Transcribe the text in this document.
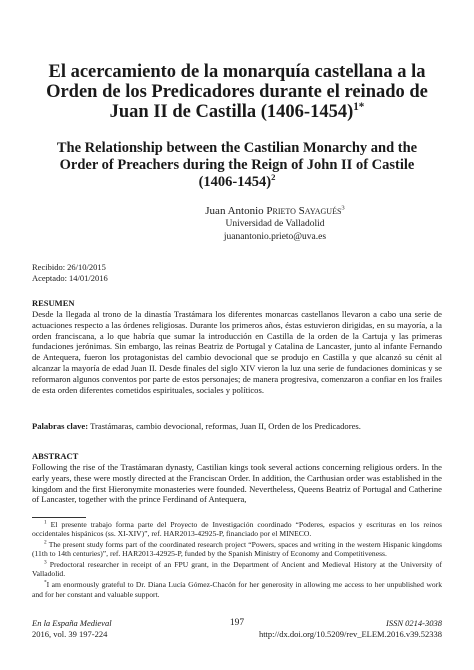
El acercamiento de la monarquía castellana a la Orden de los Predicadores durante el reinado de Juan II de Castilla (1406-1454)$^{1*}$
The Relationship between the Castilian Monarchy and the Order of Preachers during the Reign of John II of Castile (1406-1454)$^2$
Juan Antonio Prieto Sayagués$^3$
Universidad de Valladolid
juanantonio.prieto@uva.es
Recibido: 26/10/2015
Aceptado: 14/01/2016
RESUMEN
Desde la llegada al trono de la dinastía Trastámara los diferentes monarcas castellanos llevaron a cabo una serie de actuaciones respecto a las órdenes religiosas. Durante los primeros años, éstas estuvieron dirigidas, en su mayoría, a la orden franciscana, a lo que habría que sumar la introducción en Castilla de la orden de la Cartuja y las primeras fundaciones jerónimas. Sin embargo, las reinas Beatriz de Portugal y Catalina de Lancaster, junto al infante Fernando de Antequera, fueron los protagonistas del cambio devocional que se produjo en Castilla y que alcanzó su cénit al alcanzar la mayoría de edad Juan II. Desde finales del siglo XIV vieron la luz una serie de fundaciones dominicas y se reformaron algunos conventos por parte de estos personajes; de manera progresiva, comenzaron a confiar en los frailes de esta orden diferentes cometidos espirituales, sociales y políticos.
Palabras clave: Trastámaras, cambio devocional, reformas, Juan II, Orden de los Predicadores.
ABSTRACT
Following the rise of the Trastámaran dynasty, Castilian kings took several actions concerning religious orders. In the early years, these were mostly directed at the Franciscan Order. In addition, the Carthusian order was established in the kingdom and the first Hieronymite monasteries were founded. Nevertheless, Queens Beatriz of Portugal and Catherine of Lancaster, together with the prince Ferdinand of Antequera,
$^1$ El presente trabajo forma parte del Proyecto de Investigación coordinado “Poderes, espacios y escrituras en los reinos occidentales hispánicos (ss. XI-XIV)”, ref. HAR2013-42925-P, financiado por el MINECO.
$^2$ The present study forms part of the coordinated research project “Powers, spaces and writing in the western Hispanic kingdoms (11th to 14th centuries)”, ref. HAR2013-42925-P, funded by the Spanish Ministry of Economy and Competitiveness.
$^3$ Predoctoral researcher in receipt of an FPU grant, in the Department of Ancient and Medieval History at the University of Valladolid.
*I am enormously grateful to Dr. Diana Lucía Gómez-Chacón for her generosity in allowing me access to her unpublished work and for her constant and valuable support.
En la España Medieval
2016, vol. 39 197-224
197	ISSN 0214-3038
http://dx.doi.org/10.5209/rev_ELEM.2016.v39.52338
